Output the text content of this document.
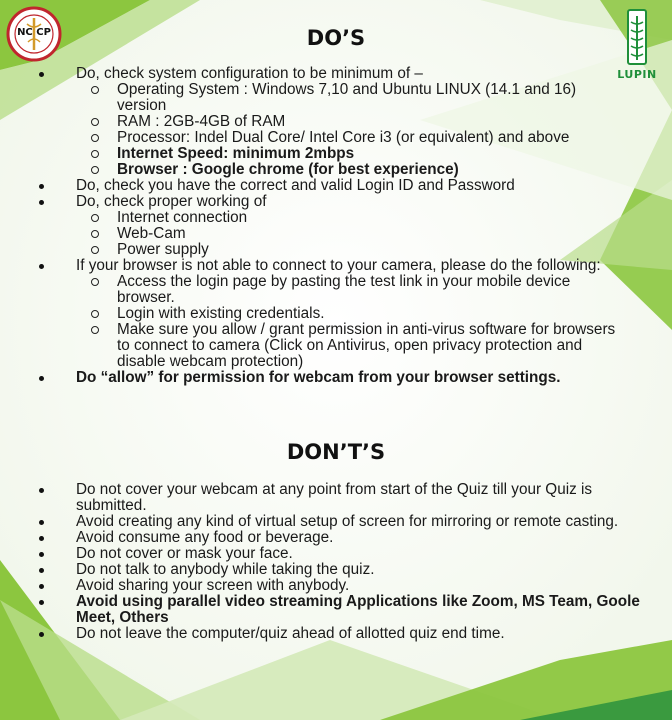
NC CP
LUPIN
DO’S
Do, check system configuration to be minimum of –
Operating System : Windows 7,10 and Ubuntu LINUX (14.1 and 16) version
RAM : 2GB-4GB of RAM
Processor: Indel Dual Core/ Intel Core i3 (or equivalent) and above
Internet Speed: minimum 2mbps
Browser : Google chrome (for best experience)
Do, check you have the correct and valid Login ID and Password
Do, check proper working of
Internet connection
Web-Cam
Power supply
If your browser is not able to connect to your camera, please do the following:
Access the login page by pasting the test link in your mobile device browser.
Login with existing credentials.
Make sure you allow / grant permission in anti-virus software for browsers to connect to camera (Click on Antivirus, open privacy protection and disable webcam protection)
Do “allow” for permission for webcam from your browser settings.
DON’T’S
Do not cover your webcam at any point from start of the Quiz till your Quiz is submitted.
Avoid creating any kind of virtual setup of screen for mirroring or remote casting.
Avoid consume any food or beverage.
Do not cover or mask your face.
Do not talk to anybody while taking the quiz.
Avoid sharing your screen with anybody.
Avoid using parallel video streaming Applications like Zoom, MS Team, Goole Meet, Others
Do not leave the computer/quiz ahead of allotted quiz end time.
